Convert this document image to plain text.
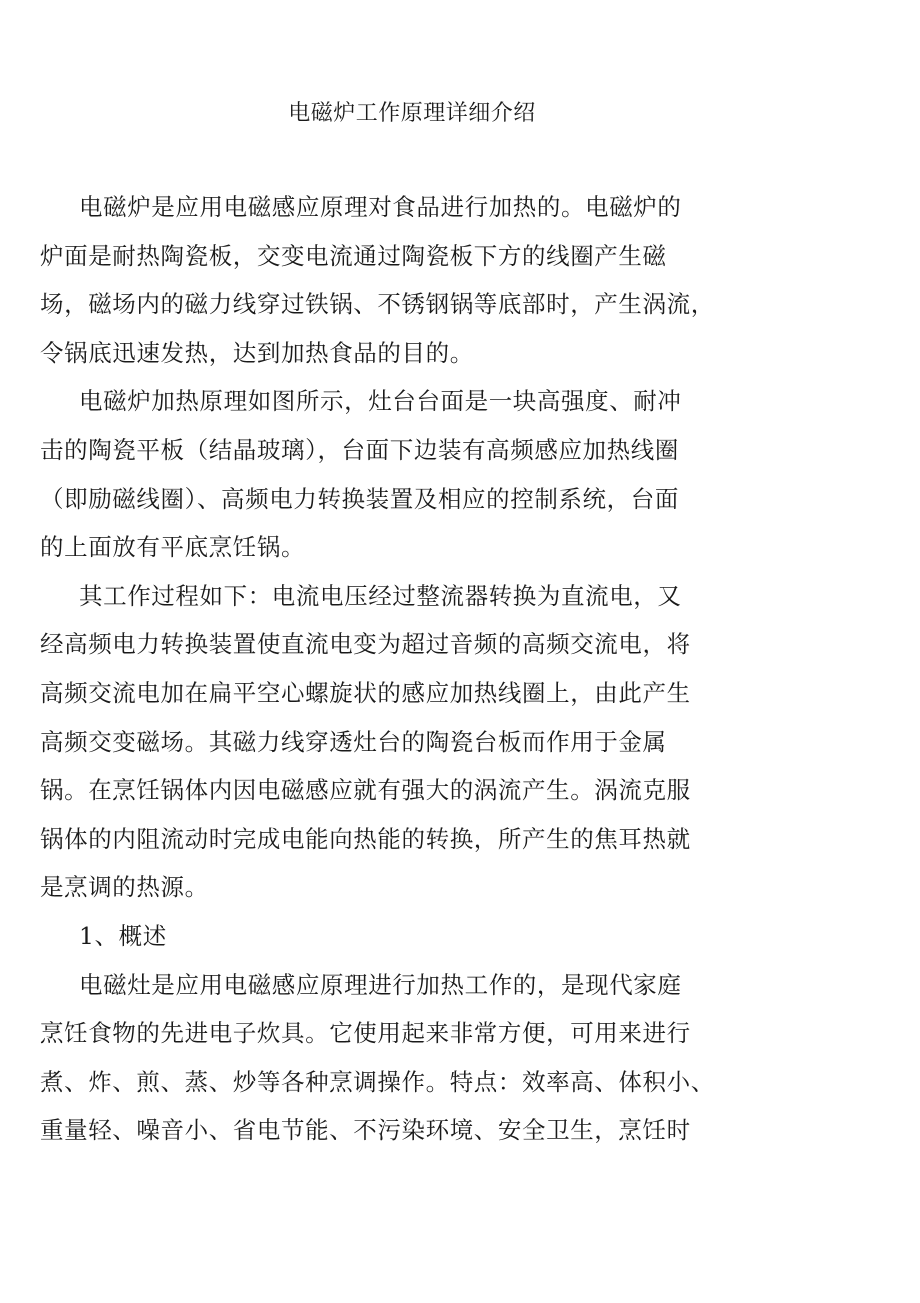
电磁炉工作原理详细介绍
电磁炉是应用电磁感应原理对食品进行加热的。电磁炉的
炉面是耐热陶瓷板，交变电流通过陶瓷板下方的线圈产生磁
场，磁场内的磁力线穿过铁锅、不锈钢锅等底部时，产生涡流，
令锅底迅速发热，达到加热食品的目的。
电磁炉加热原理如图所示，灶台台面是一块高强度、耐冲
击的陶瓷平板（结晶玻璃），台面下边装有高频感应加热线圈
（即励磁线圈）、高频电力转换装置及相应的控制系统，台面
的上面放有平底烹饪锅。
其工作过程如下：电流电压经过整流器转换为直流电，又
经高频电力转换装置使直流电变为超过音频的高频交流电，将
高频交流电加在扁平空心螺旋状的感应加热线圈上，由此产生
高频交变磁场。其磁力线穿透灶台的陶瓷台板而作用于金属
锅。在烹饪锅体内因电磁感应就有强大的涡流产生。涡流克服
锅体的内阻流动时完成电能向热能的转换，所产生的焦耳热就
是烹调的热源。
1、概述
电磁灶是应用电磁感应原理进行加热工作的，是现代家庭
烹饪食物的先进电子炊具。它使用起来非常方便，可用来进行
煮、炸、煎、蒸、炒等各种烹调操作。特点：效率高、体积小、
重量轻、噪音小、省电节能、不污染环境、安全卫生，烹饪时
